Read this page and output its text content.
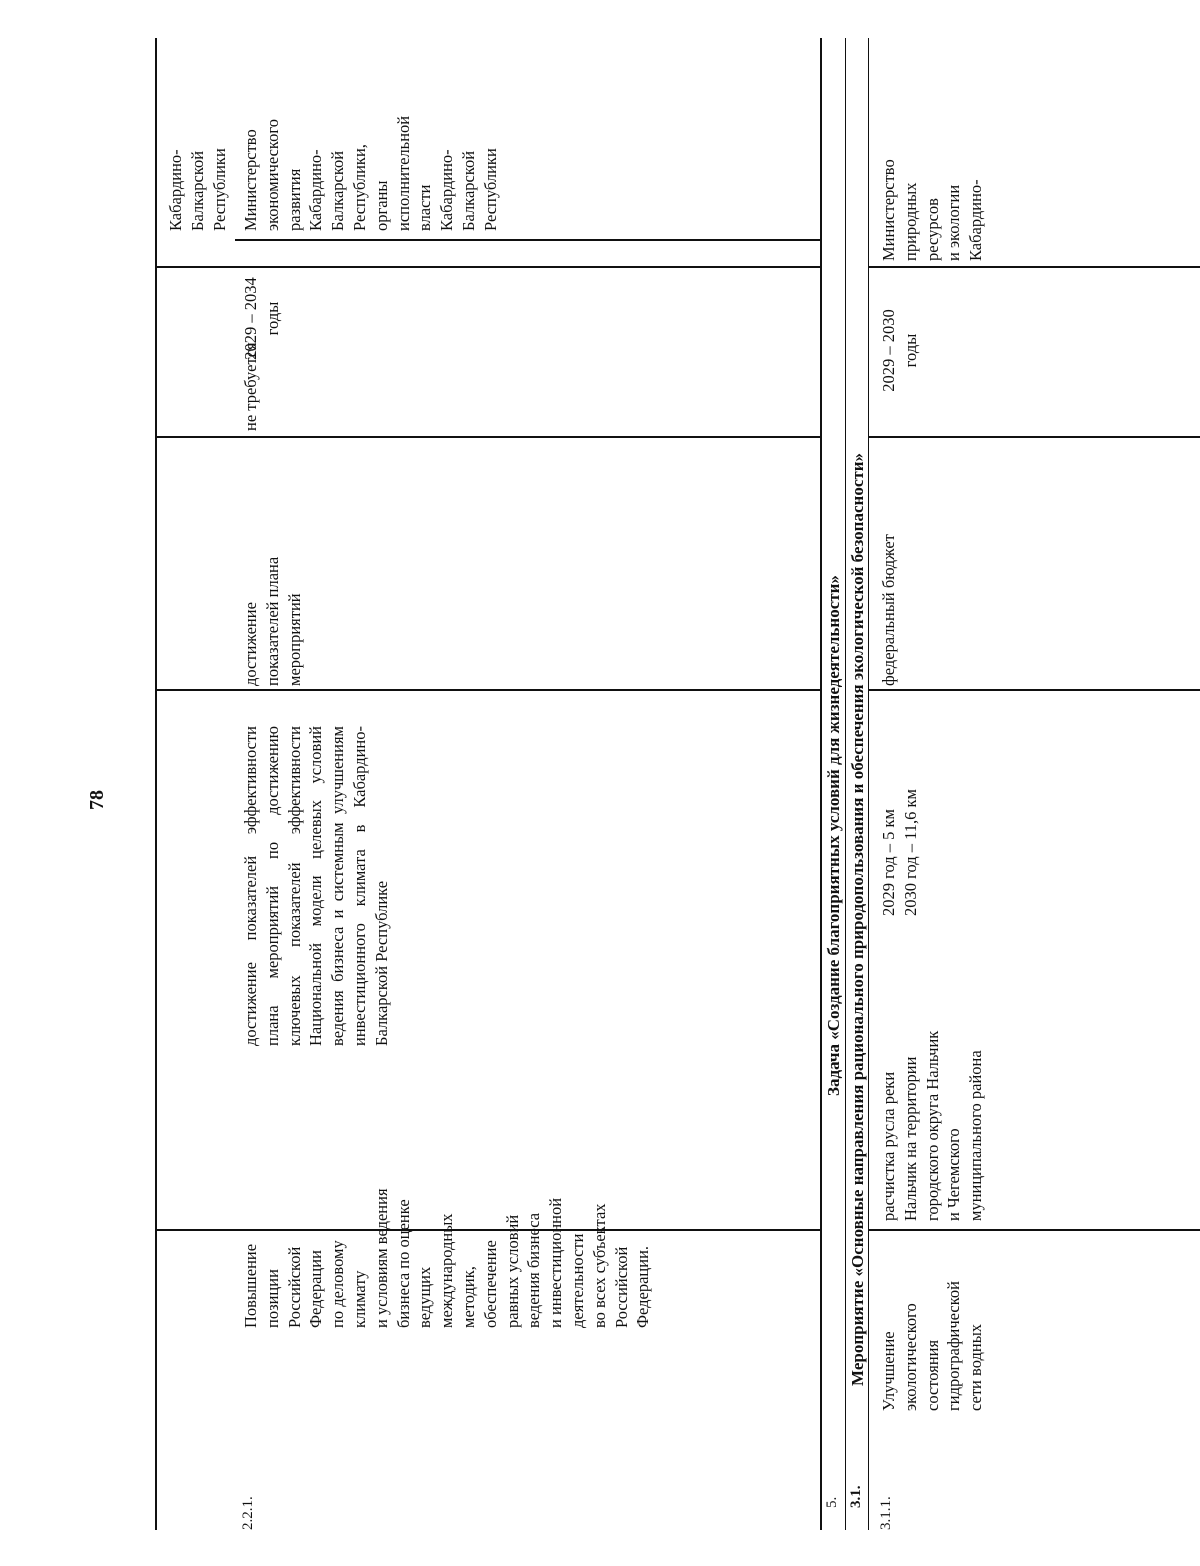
78
2.2.1.
Повышение
позиции
Российской
Федерации
по деловому
климату
и условиям ведения
бизнеса по оценке
ведущих
международных
методик,
обеспечение
равных условий
ведения бизнеса
и инвестиционной
деятельности
во всех субъектах
Российской
Федерации.
достижение показателей эффективности плана мероприятий по достижению ключевых показателей эффективности Национальной модели целевых условий ведения бизнеса и системным улучшениям инвестиционного климата в Кабардино-Балкарской Республике
достижение
показателей плана
мероприятий
не требуется
2029 – 2034
годы
Кабардино-
Балкарской
Республики Министерство
экономического
развития
Кабардино-
Балкарской
Республики,
органы
исполнительной
власти
Кабардино-
Балкарской
Республики
5.
Задача «Создание благоприятных условий для жизнедеятельности»
3.1.
Мероприятие «Основные направления рационального природопользования и обеспечения экологической безопасности»
3.1.1.
Улучшение
экологического
состояния
гидрографической
сети водных
расчистка русла реки
Нальчик на территории
городского округа Нальчик
и Чегемского
муниципального района
2029 год – 5 км
2030 год – 11,6 км
федеральный бюджет
2029 – 2030
годы
Министерство
природных
ресурсов
и экологии
Кабардино-
